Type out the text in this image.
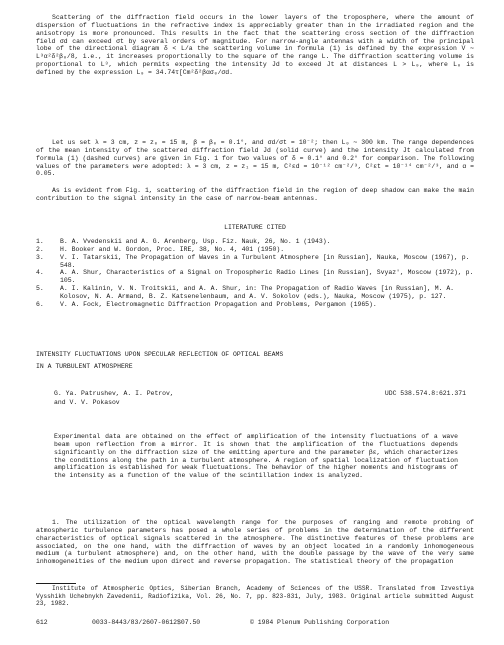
Scattering of the diffraction field occurs in the lower layers of the troposphere, where the amount of dispersion of fluctuations in the refractive index is appreciably greater than in the irradiated region and the anisotropy is more pronounced. This results in the fact that the scattering cross section of the diffraction field σd can exceed σt by several orders of magnitude. For narrow-angle antennas with a width of the principal lobe of the directional diagram δ < L/a the scattering volume in formula (1) is defined by the expression V ∼ L³α²δ²β₀/8, i.e., it increases proportionally to the square of the range L. The diffraction scattering volume is proportional to L³, which permits expecting the intensity Jd to exceed Jt at distances L > L₀, where L₀ is defined by the expression L₀ = 34.74τ[Cm²δ²βασ₀/σd.

Let us set λ = 3 cm, z = z₀ = 15 m, β = β₀ = 0.1°, and σd/σt = 10⁻²; then L₀ ∼ 300 km. The range dependences of the mean intensity of the scattered diffraction field Jd (solid curve) and the intensity Jt calculated from formula (1) (dashed curves) are given in Fig. 1 for two values of δ = 0.1° and 0.2° for comparison. The following values of the parameters were adopted: λ = 3 cm, z = z₁ = 15 m, C²εd = 10⁻¹² cm⁻²/³, C²εt = 10⁻¹⁴ cm⁻²/³, and α = 0.05.

As is evident from Fig. 1, scattering of the diffraction field in the region of deep shadow can make the main contribution to the signal intensity in the case of narrow-beam antennas.

LITERATURE CITED

1.	B. A. Vvedenskii and A. G. Arenberg, Usp. Fiz. Nauk, 26, No. 1 (1943).
2.	H. Booker and W. Gordon, Proc. IRE, 38, No. 4, 401 (1950).
3.	V. I. Tatarskii, The Propagation of Waves in a Turbulent Atmosphere [in Russian], Nauka, Moscow (1967), p. 548.
4.	A. A. Shur, Characteristics of a Signal on Tropospheric Radio Lines [in Russian], Svyaz', Moscow (1972), p. 105.
5.	A. I. Kalinin, V. N. Troitskii, and A. A. Shur, in: The Propagation of Radio Waves [in Russian], M. A. Kolosov, N. A. Armand, B. Z. Katsenelenbaum, and A. V. Sokolov (eds.), Nauka, Moscow (1975), p. 127.
6.	V. A. Fock, Electromagnetic Diffraction Propagation and Problems, Pergamon (1965).
INTENSITY FLUCTUATIONS UPON SPECULAR REFLECTION OF OPTICAL BEAMS
IN A TURBULENT ATMOSPHERE
G. Ya. Patrushev, A. I. Petrov,
and V. V. Pokasov
UDC 538.574.8:621.371

Experimental data are obtained on the effect of amplification of the intensity fluctuations of a wave beam upon reflection from a mirror. It is shown that the amplification of the fluctuations depends significantly on the diffraction size of the emitting aperture and the parameter βε, which characterizes the conditions along the path in a turbulent atmosphere. A region of spatial localization of fluctuation amplification is established for weak fluctuations. The behavior of the higher moments and histograms of the intensity as a function of the value of the scintillation index is analyzed.

1. The utilization of the optical wavelength range for the purposes of ranging and remote probing of atmospheric turbulence parameters has posed a whole series of problems in the determination of the different characteristics of optical signals scattered in the atmosphere. The distinctive features of these problems are associated, on the one hand, with the diffraction of waves by an object located in a randomly inhomogeneous medium (a turbulent atmosphere) and, on the other hand, with the double passage by the wave of the very same inhomogeneities of the medium upon direct and reverse propagation. The statistical theory of the propagation

Institute of Atmospheric Optics, Siberian Branch, Academy of Sciences of the USSR. Translated from Izvestiya Vysshikh Uchebnykh Zavedenii, Radiofizika, Vol. 26, No. 7, pp. 823-831, July, 1983. Original article submitted August 23, 1982.

612	0033-8443/83/2607-0612$07.50	© 1984 Plenum Publishing Corporation
